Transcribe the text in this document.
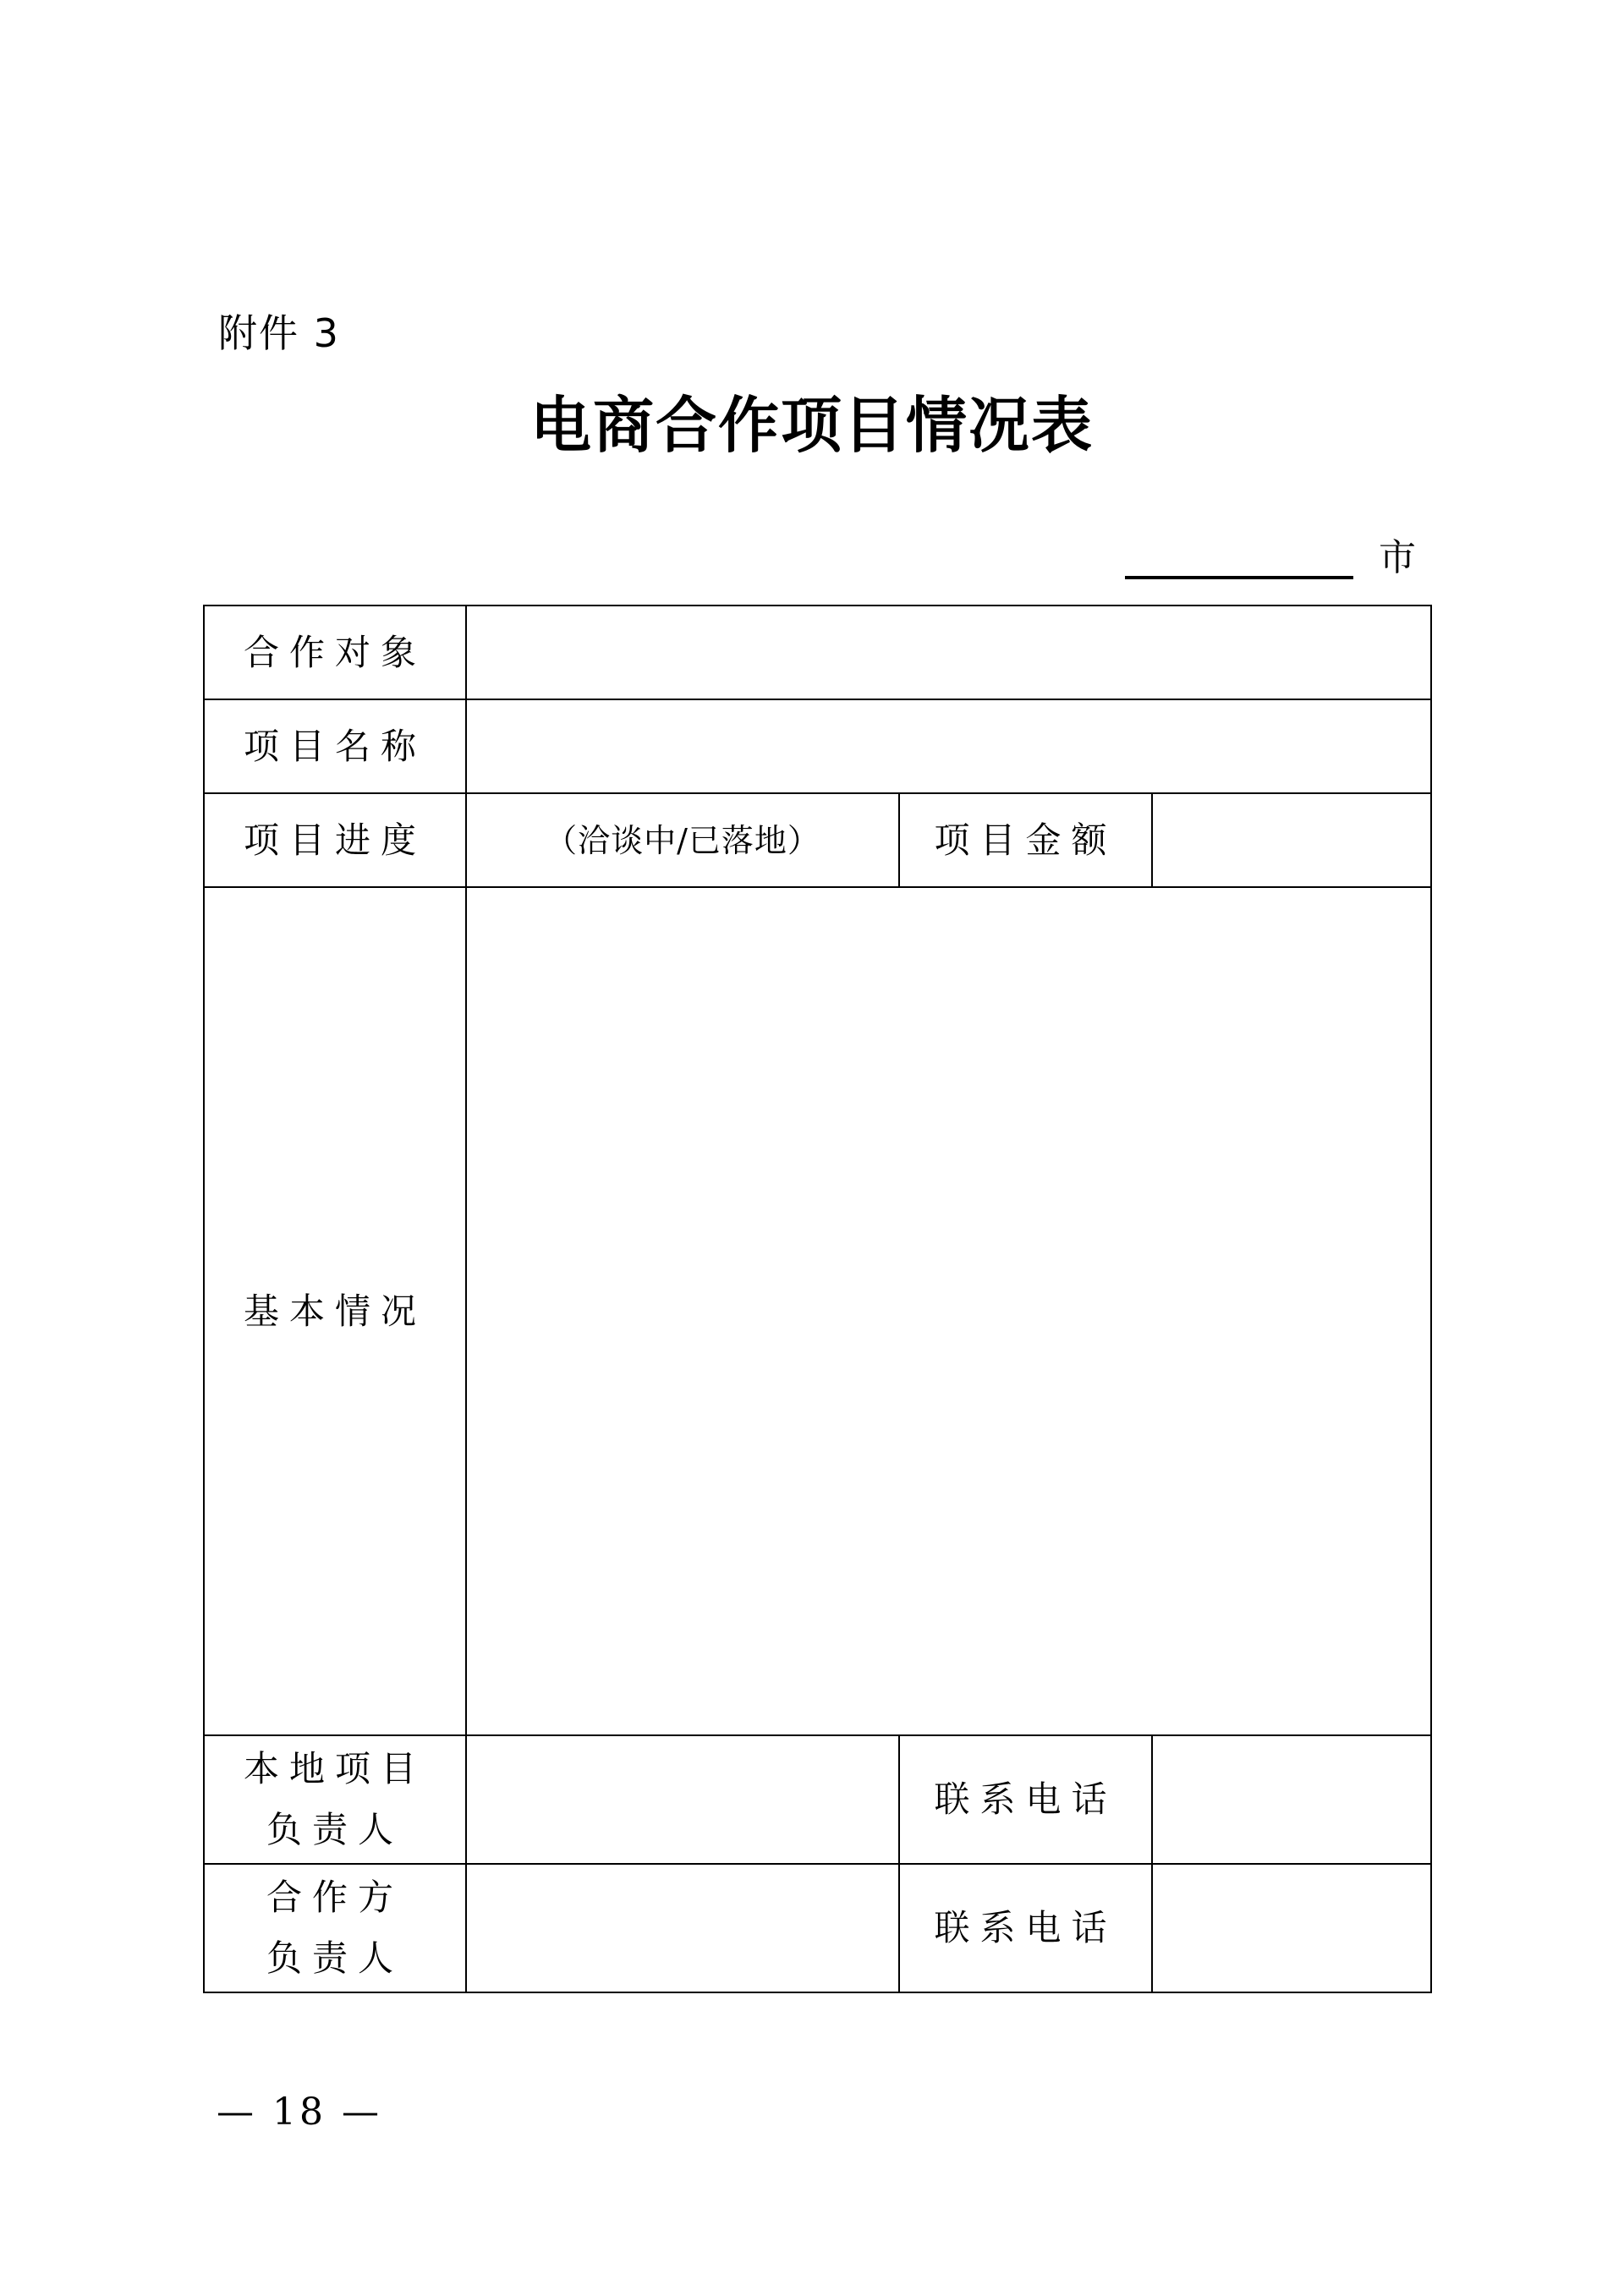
附件 3
电商合作项目情况表
市
合作对象			
项目名称			
项目进度	（洽谈中/已落地）	项目金额	
基本情况			

本地项目
负责人		联系电话	

合作方
负责人		联系电话	
— 18 —
